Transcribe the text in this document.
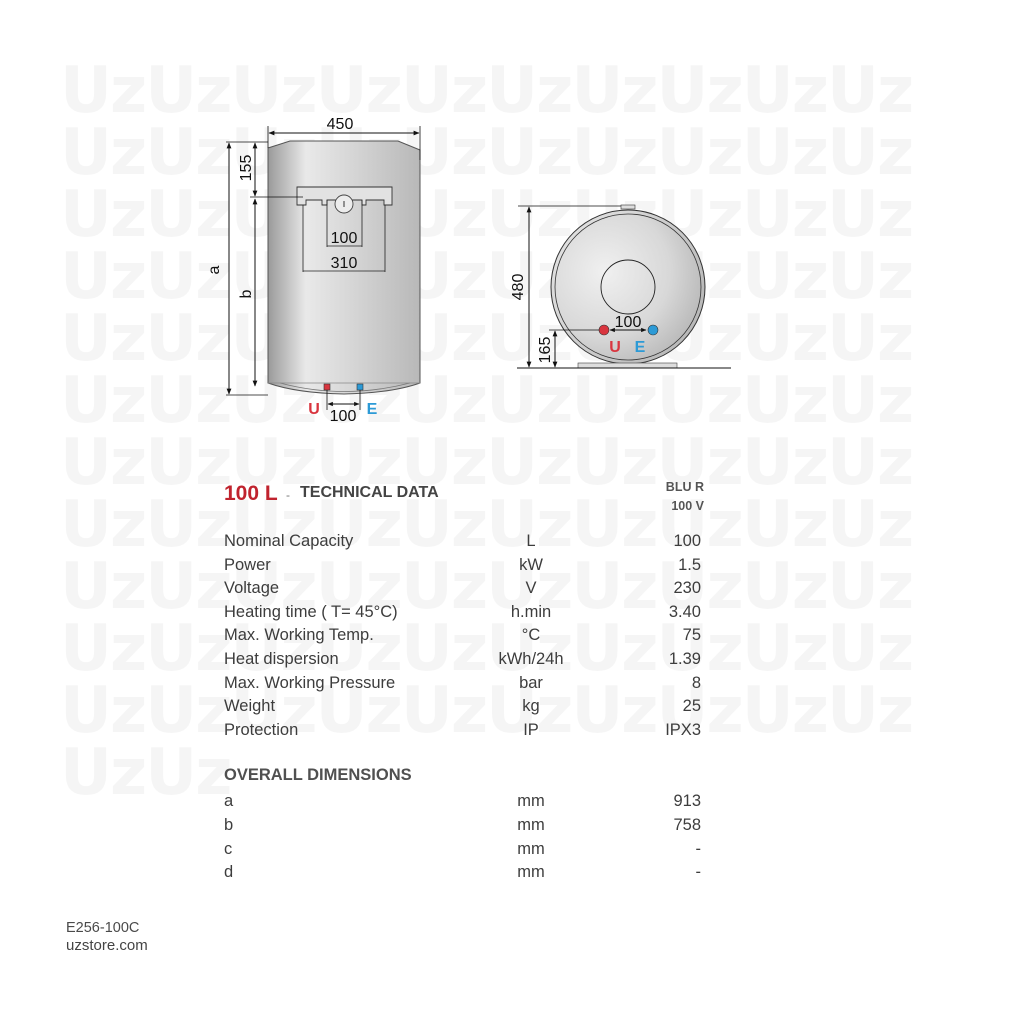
450
100
310
a
b
155
100
U	E
480
165
100
U E
100 L - TECHNICAL DATA	BLU R
100 V
Nominal Capacity	L	100
Power	kW	1.5
Voltage	V	230
Heating time ( T= 45°C)	h.min	3.40
Max. Working Temp.	°C	75
Heat dispersion	kWh/24h	1.39
Max. Working Pressure	bar	8
Weight	kg	25
Protection	IP	IPX3
OVERALL DIMENSIONS
a	mm	913
b	mm	758
c	mm	-
d	mm	-
E256-100C
uzstore.com
